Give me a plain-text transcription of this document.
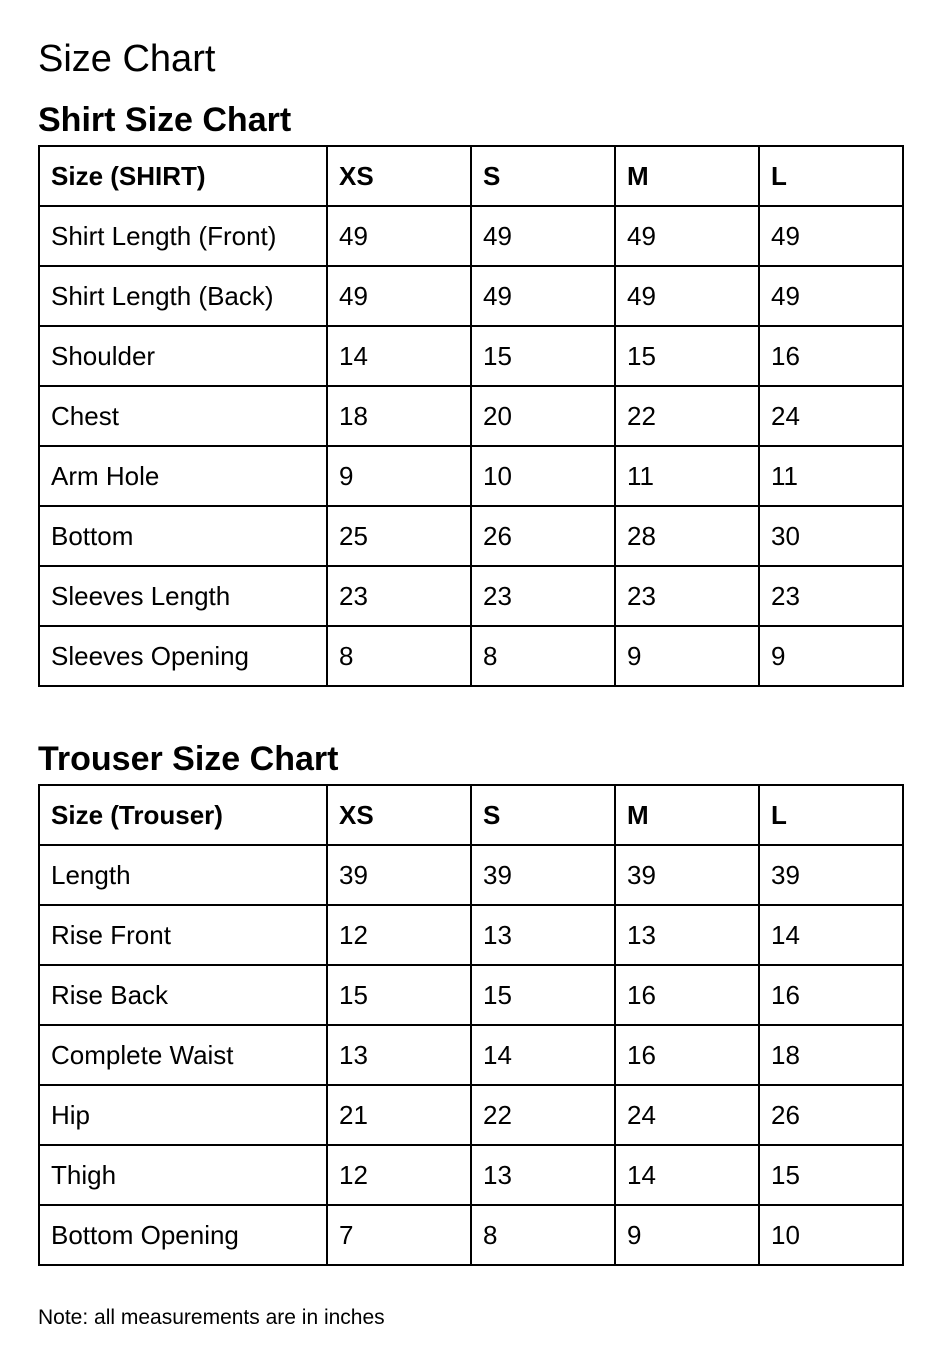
Size Chart
Shirt Size Chart
Size (SHIRT)	XS	S	M	L
Shirt Length (Front)	49	49	49	49
Shirt Length (Back)	49	49	49	49
Shoulder	14	15	15	16
Chest	18	20	22	24
Arm Hole	9	10	11	11
Bottom	25	26	28	30
Sleeves Length	23	23	23	23
Sleeves Opening	8	8	9	9
Trouser Size Chart
Size (Trouser)	XS	S	M	L
Length	39	39	39	39
Rise Front	12	13	13	14
Rise Back	15	15	16	16
Complete Waist	13	14	16	18
Hip	21	22	24	26
Thigh	12	13	14	15
Bottom Opening	7	8	9	10

Note: all measurements are in inches
